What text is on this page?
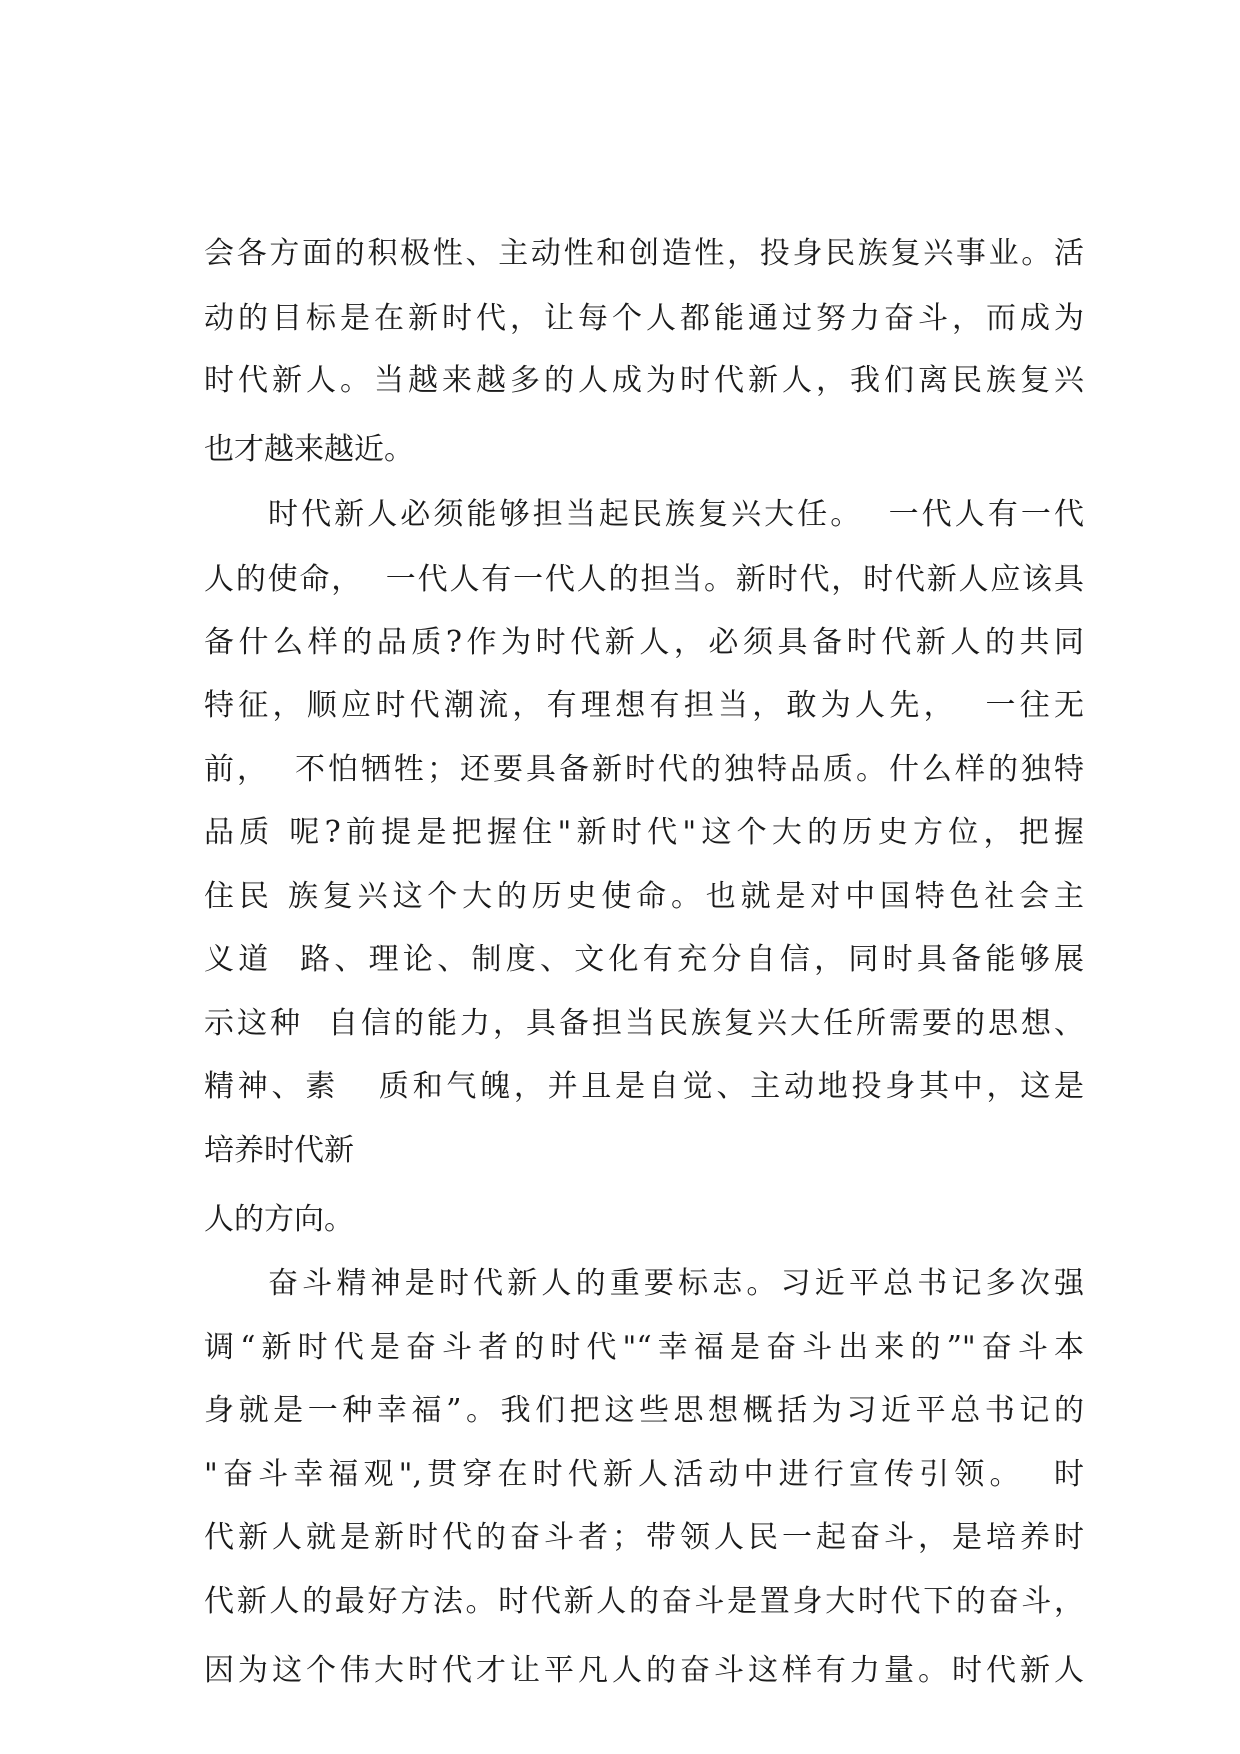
会各方面的积极性、主动性和创造性，投身民族复兴事业。活
动的目标是在新时代，让每个人都能通过努力奋斗，而成为
时代新人。当越来越多的人成为时代新人，我们离民族复兴
也才越来越近。
时代新人必须能够担当起民族复兴大任。  一代人有一代
人的使命，  一代人有一代人的担当。新时代，时代新人应该具
备什么样的品质?作为时代新人，必须具备时代新人的共同
特征，顺应时代潮流，有理想有担当，敢为人先，  一往无
前，  不怕牺牲；还要具备新时代的独特品质。什么样的独特
品质 呢?前提是把握住"新时代"这个大的历史方位，把握
住民 族复兴这个大的历史使命。也就是对中国特色社会主
义道  路、理论、制度、文化有充分自信，同时具备能够展
示这种  自信的能力，具备担当民族复兴大任所需要的思想、
精神、素   质和气魄，并且是自觉、主动地投身其中，这是
培养时代新
人的方向。
奋斗精神是时代新人的重要标志。习近平总书记多次强
调“新时代是奋斗者的时代"“幸福是奋斗出来的”"奋斗本
身就是一种幸福”。我们把这些思想概括为习近平总书记的
"奋斗幸福观",贯穿在时代新人活动中进行宣传引领。  时
代新人就是新时代的奋斗者；带领人民一起奋斗，是培养时
代新人的最好方法。时代新人的奋斗是置身大时代下的奋斗，
因为这个伟大时代才让平凡人的奋斗这样有力量。时代新人
